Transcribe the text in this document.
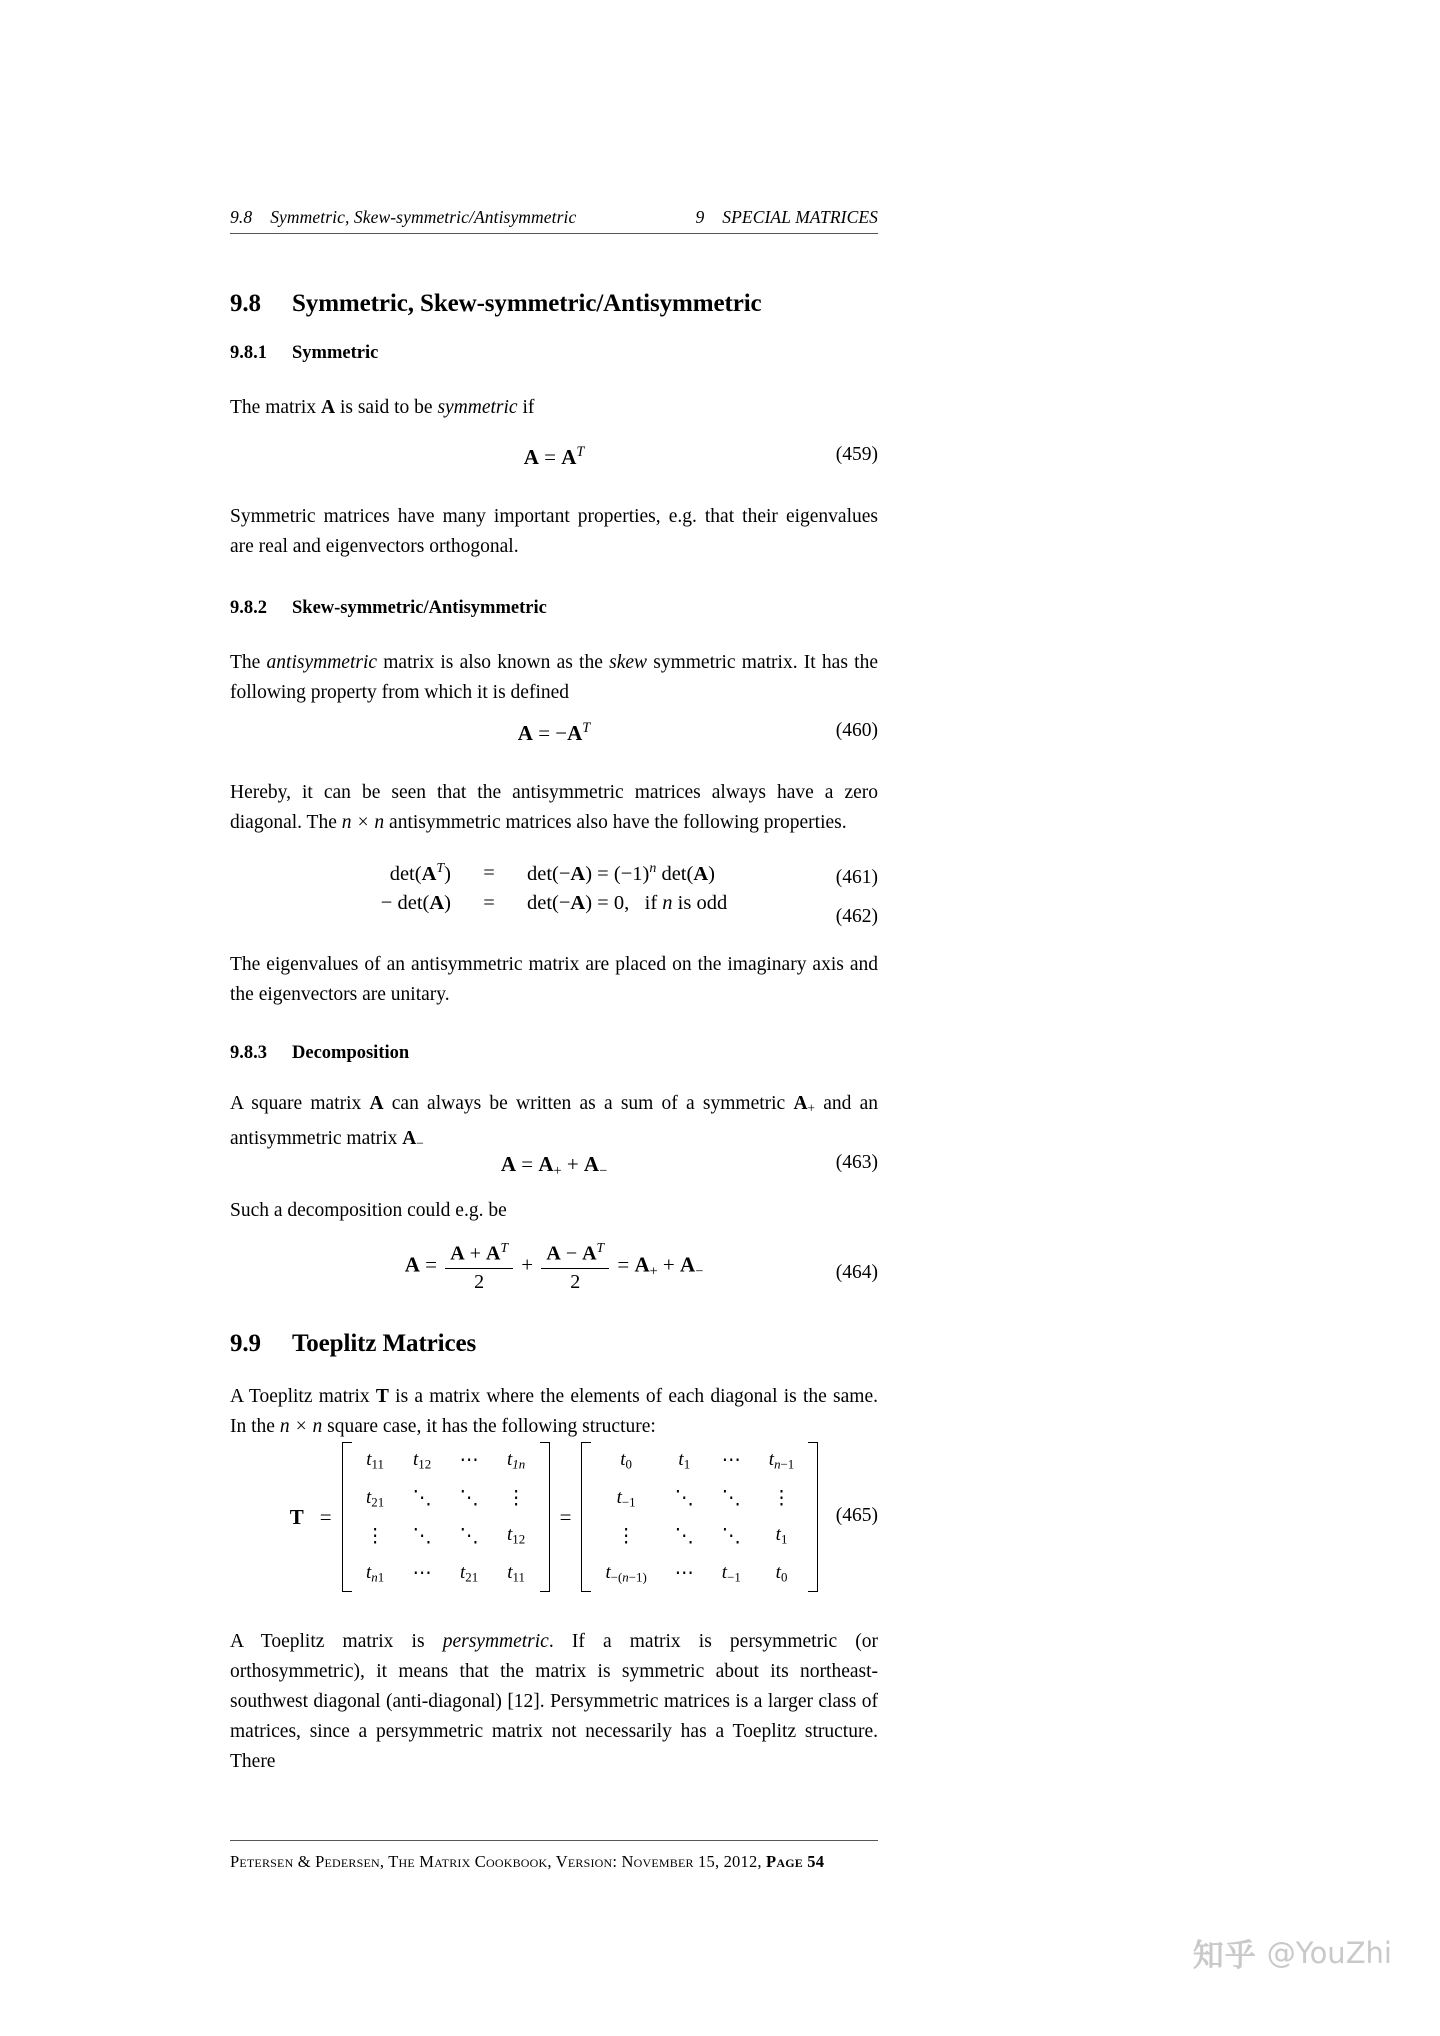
9.8 Symmetric, Skew-symmetric/Antisymmetric	9 SPECIAL MATRICES
9.8 Symmetric, Skew-symmetric/Antisymmetric
9.8.1 Symmetric

The matrix A is said to be symmetric if

$A = A^T$	(459)

Symmetric matrices have many important properties, e.g. that their eigenvalues are real and eigenvectors orthogonal.

9.8.2 Skew-symmetric/Antisymmetric

The antisymmetric matrix is also known as the skew symmetric matrix. It has the following property from which it is defined

$A = -A^T$	(460)

Hereby, it can be seen that the antisymmetric matrices always have a zero diagonal. The n × n antisymmetric matrices also have the following properties.

$\det(A^T)$	=	$\det(-A) = (-1)^n$ det(A)
− det(A)	=	det(−A) = 0, if n is odd
(461)
(462)

The eigenvalues of an antisymmetric matrix are placed on the imaginary axis and the eigenvectors are unitary.

9.8.3 Decomposition

A square matrix A can always be written as a sum of a symmetric $A_+$ and an antisymmetric matrix $A_-$

$A = A_+ + A_-$	(463)

Such a decomposition could e.g. be

$A = \frac{A + A^T}{2} + \frac{A - A^T}{2} = A_+ + A_-$	(464)
9.9 Toeplitz Matrices

A Toeplitz matrix T is a matrix where the elements of each diagonal is the same. In the n × n square case, it has the following structure:

T =
$t_{11}$	$t_{12}$	⋯	$t_{1n}$
$t_{21}$	⋱	⋱	⋮
⋮	⋱	⋱	$t_{12}$
$t_{n1}$	⋯	$t_{21}$	$t_{11}$
=
$t_0$	$t_1$	⋯	$t_{n-1}$
$t_{-1}$	⋱	⋱	⋮
⋮	⋱	⋱	$t_1$
$t_{-(n-1)}$	⋯	$t_{-1}$	$t_0$
(465)

A Toeplitz matrix is persymmetric. If a matrix is persymmetric (or orthosymmetric), it means that the matrix is symmetric about its northeast-southwest diagonal (anti-diagonal) [12]. Persymmetric matrices is a larger class of matrices, since a persymmetric matrix not necessarily has a Toeplitz structure. There

Petersen & Pedersen, The Matrix Cookbook, Version: November 15, 2012, Page 54
知乎 @YouZhi
